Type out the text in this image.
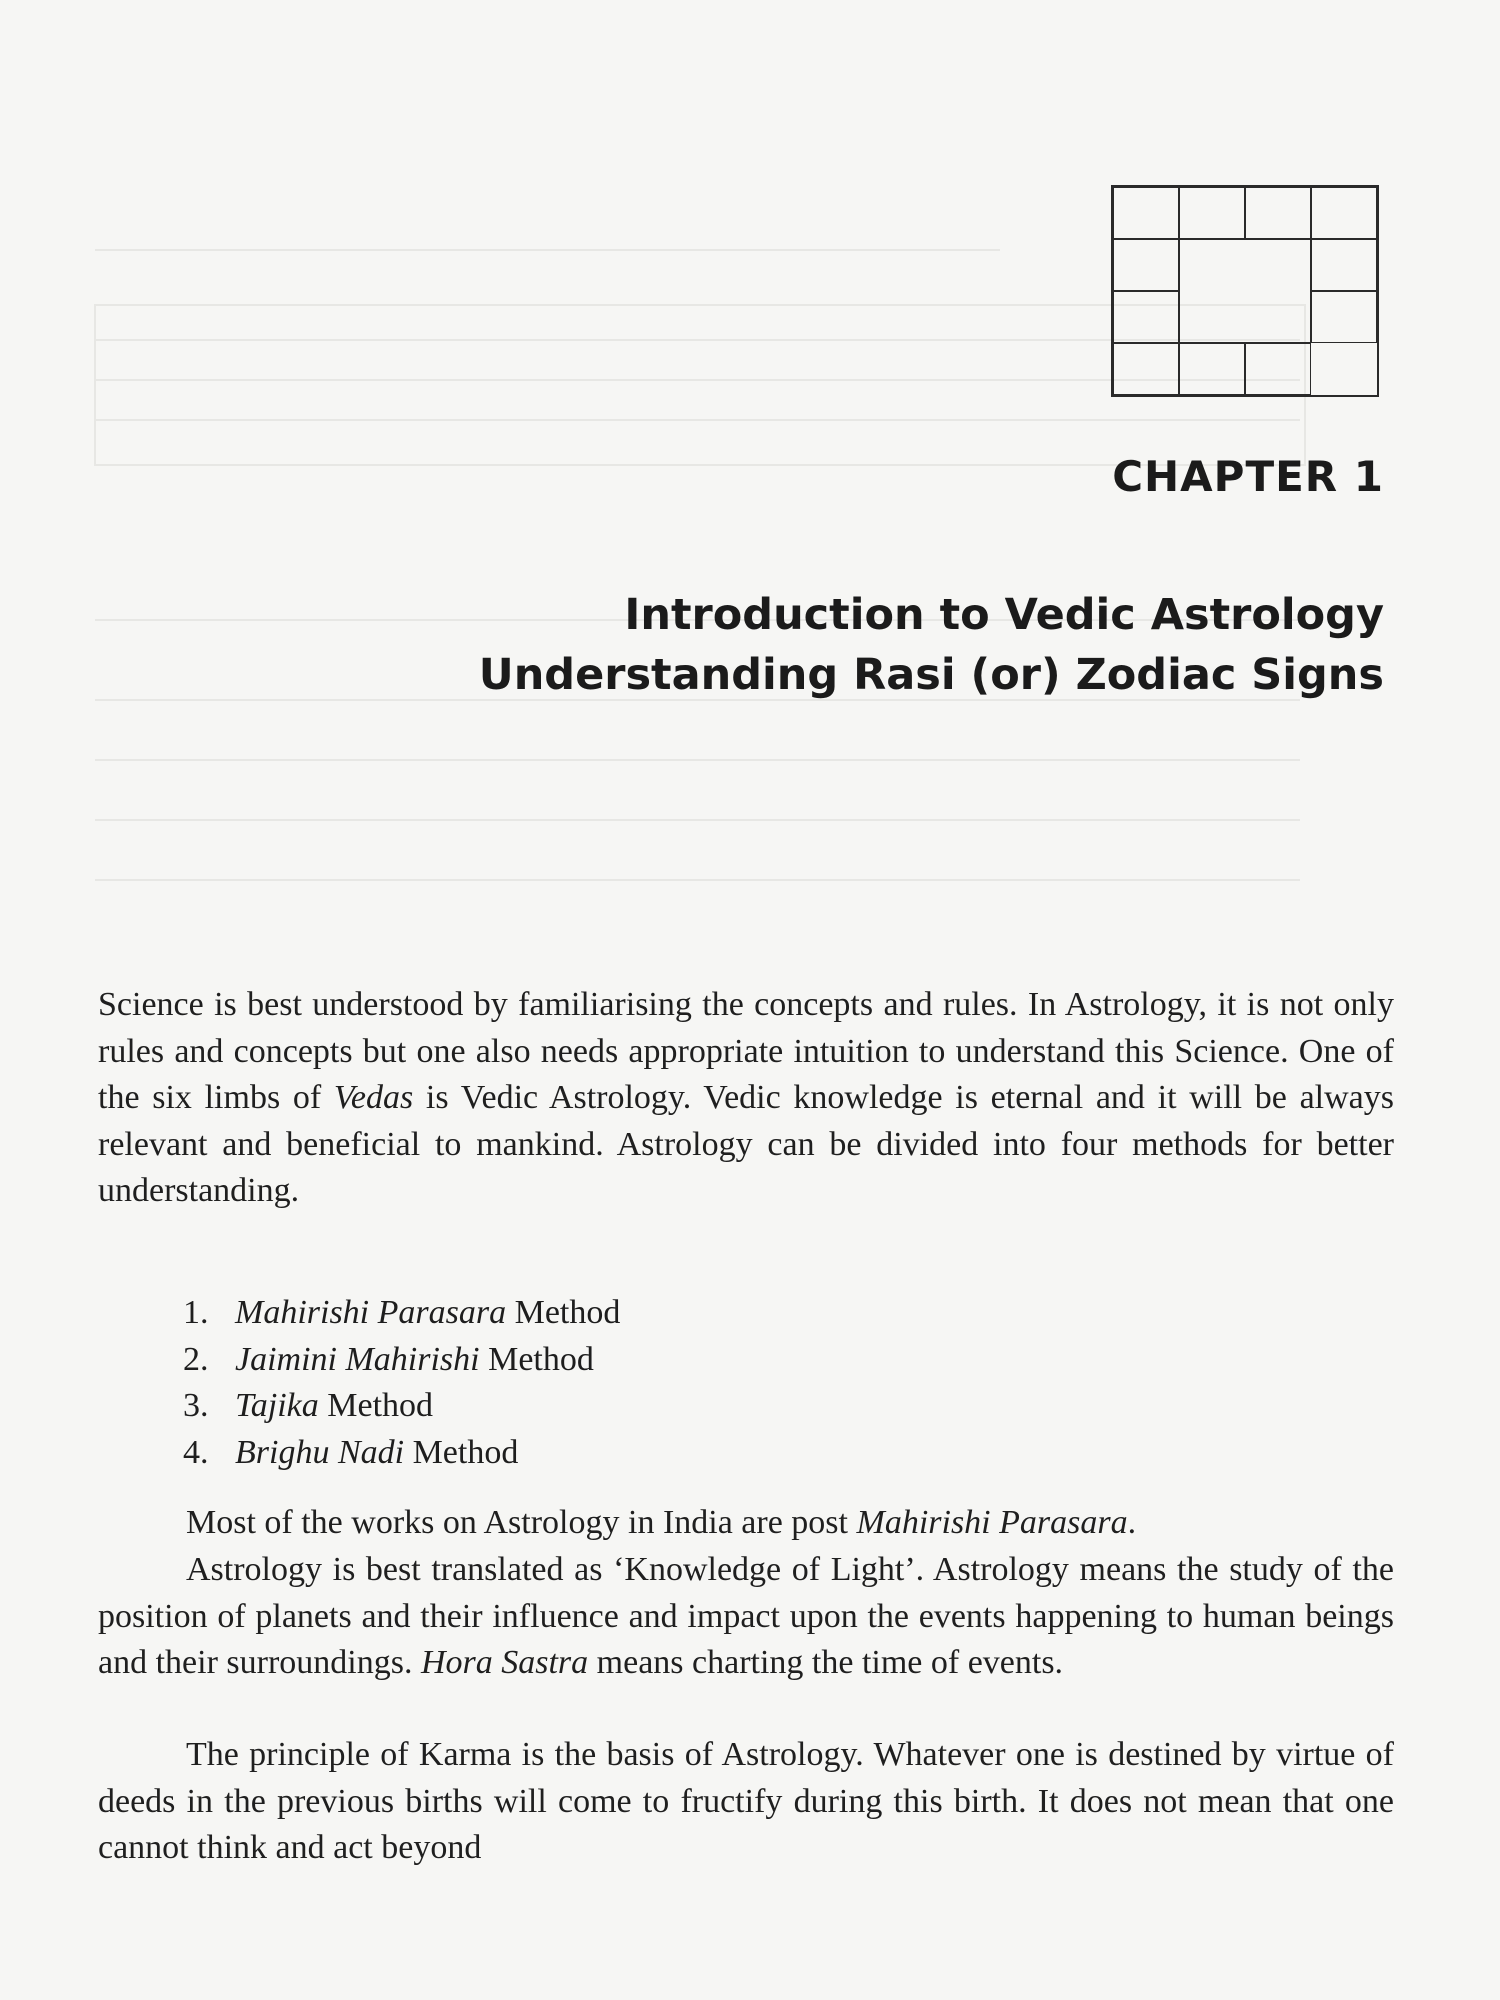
CHAPTER 1
Introduction to Vedic Astrology
Understanding Rasi (or) Zodiac Signs

Science is best understood by familiarising the concepts and rules. In Astrology, it is not only rules and concepts but one also needs appropriate intuition to understand this Science. One of the six limbs of Vedas is Vedic Astrology. Vedic knowledge is eternal and it will be always relevant and beneficial to mankind. Astrology can be divided into four methods for better understanding.

1. Mahirishi Parasara Method
2. Jaimini Mahirishi Method
3. Tajika Method
4. Brighu Nadi Method

Most of the works on Astrology in India are post Mahirishi Parasara.

Astrology is best translated as ‘Knowledge of Light’. Astrology means the study of the position of planets and their influence and impact upon the events happening to human beings and their surroundings. Hora Sastra means charting the time of events.

The principle of Karma is the basis of Astrology. Whatever one is destined by virtue of deeds in the previous births will come to fructify during this birth. It does not mean that one cannot think and act beyond
